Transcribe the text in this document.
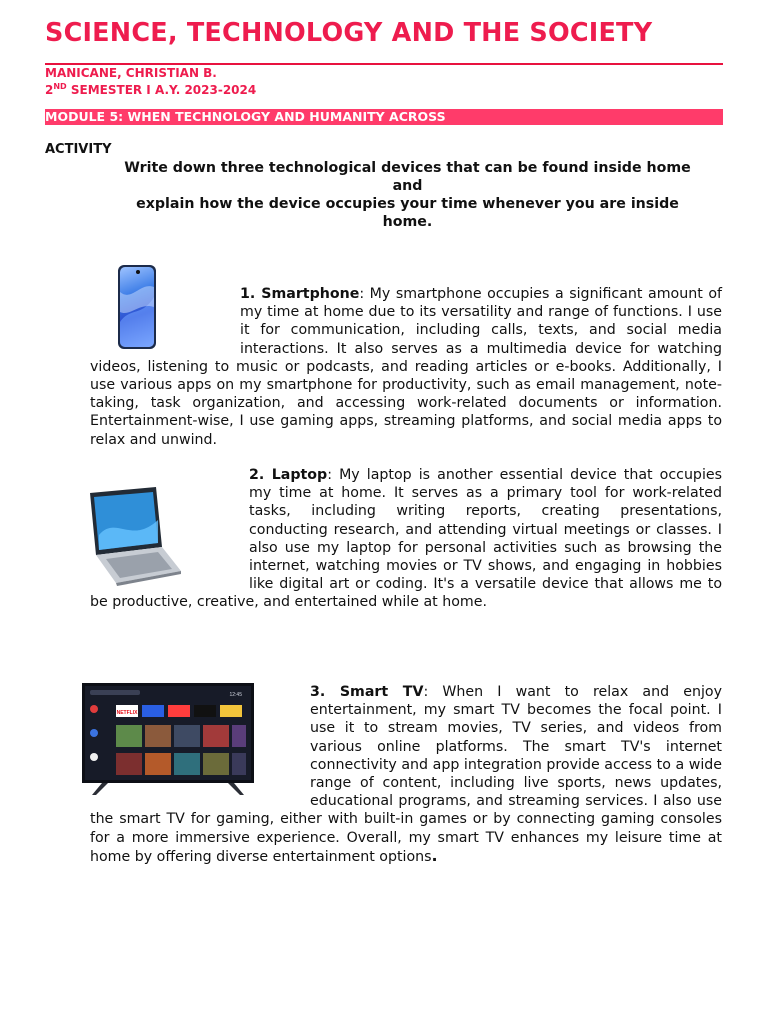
SCIENCE, TECHNOLOGY AND THE SOCIETY
MANICANE, CHRISTIAN B.
2ND SEMESTER I A.Y. 2023-2024
MODULE 5: WHEN TECHNOLOGY AND HUMANITY ACROSS
ACTIVITY
Write down three technological devices that can be found inside home
and
explain how the device occupies your time whenever you are inside
home.
1. Smartphone: My smartphone occupies a significant amount of my time at home due to its versatility and range of functions. I use it for communication, including calls, texts, and social media interactions. It also serves as a multimedia device for watching videos, listening to music or podcasts, and reading articles or e-books. Additionally, I use various apps on my smartphone for productivity, such as email management, note-taking, task organization, and accessing work-related documents or information. Entertainment-wise, I use gaming apps, streaming platforms, and social media apps to relax and unwind.
2. Laptop: My laptop is another essential device that occupies my time at home. It serves as a primary tool for work-related tasks, including writing reports, creating presentations, conducting research, and attending virtual meetings or classes. I also use my laptop for personal activities such as browsing the internet, watching movies or TV shows, and engaging in hobbies like digital art or coding. It's a versatile device that allows me to be productive, creative, and entertained while at home.
NETFLIX
12:45	3. Smart TV: When I want to relax and enjoy entertainment, my smart TV becomes the focal point. I use it to stream movies, TV series, and videos from various online platforms. The smart TV's internet connectivity and app integration provide access to a wide range of content, including live sports, news updates, educational programs, and streaming services. I also use the smart TV for gaming, either with built-in games or by connecting gaming consoles for a more immersive experience. Overall, my smart TV enhances my leisure time at home by offering diverse entertainment options.
